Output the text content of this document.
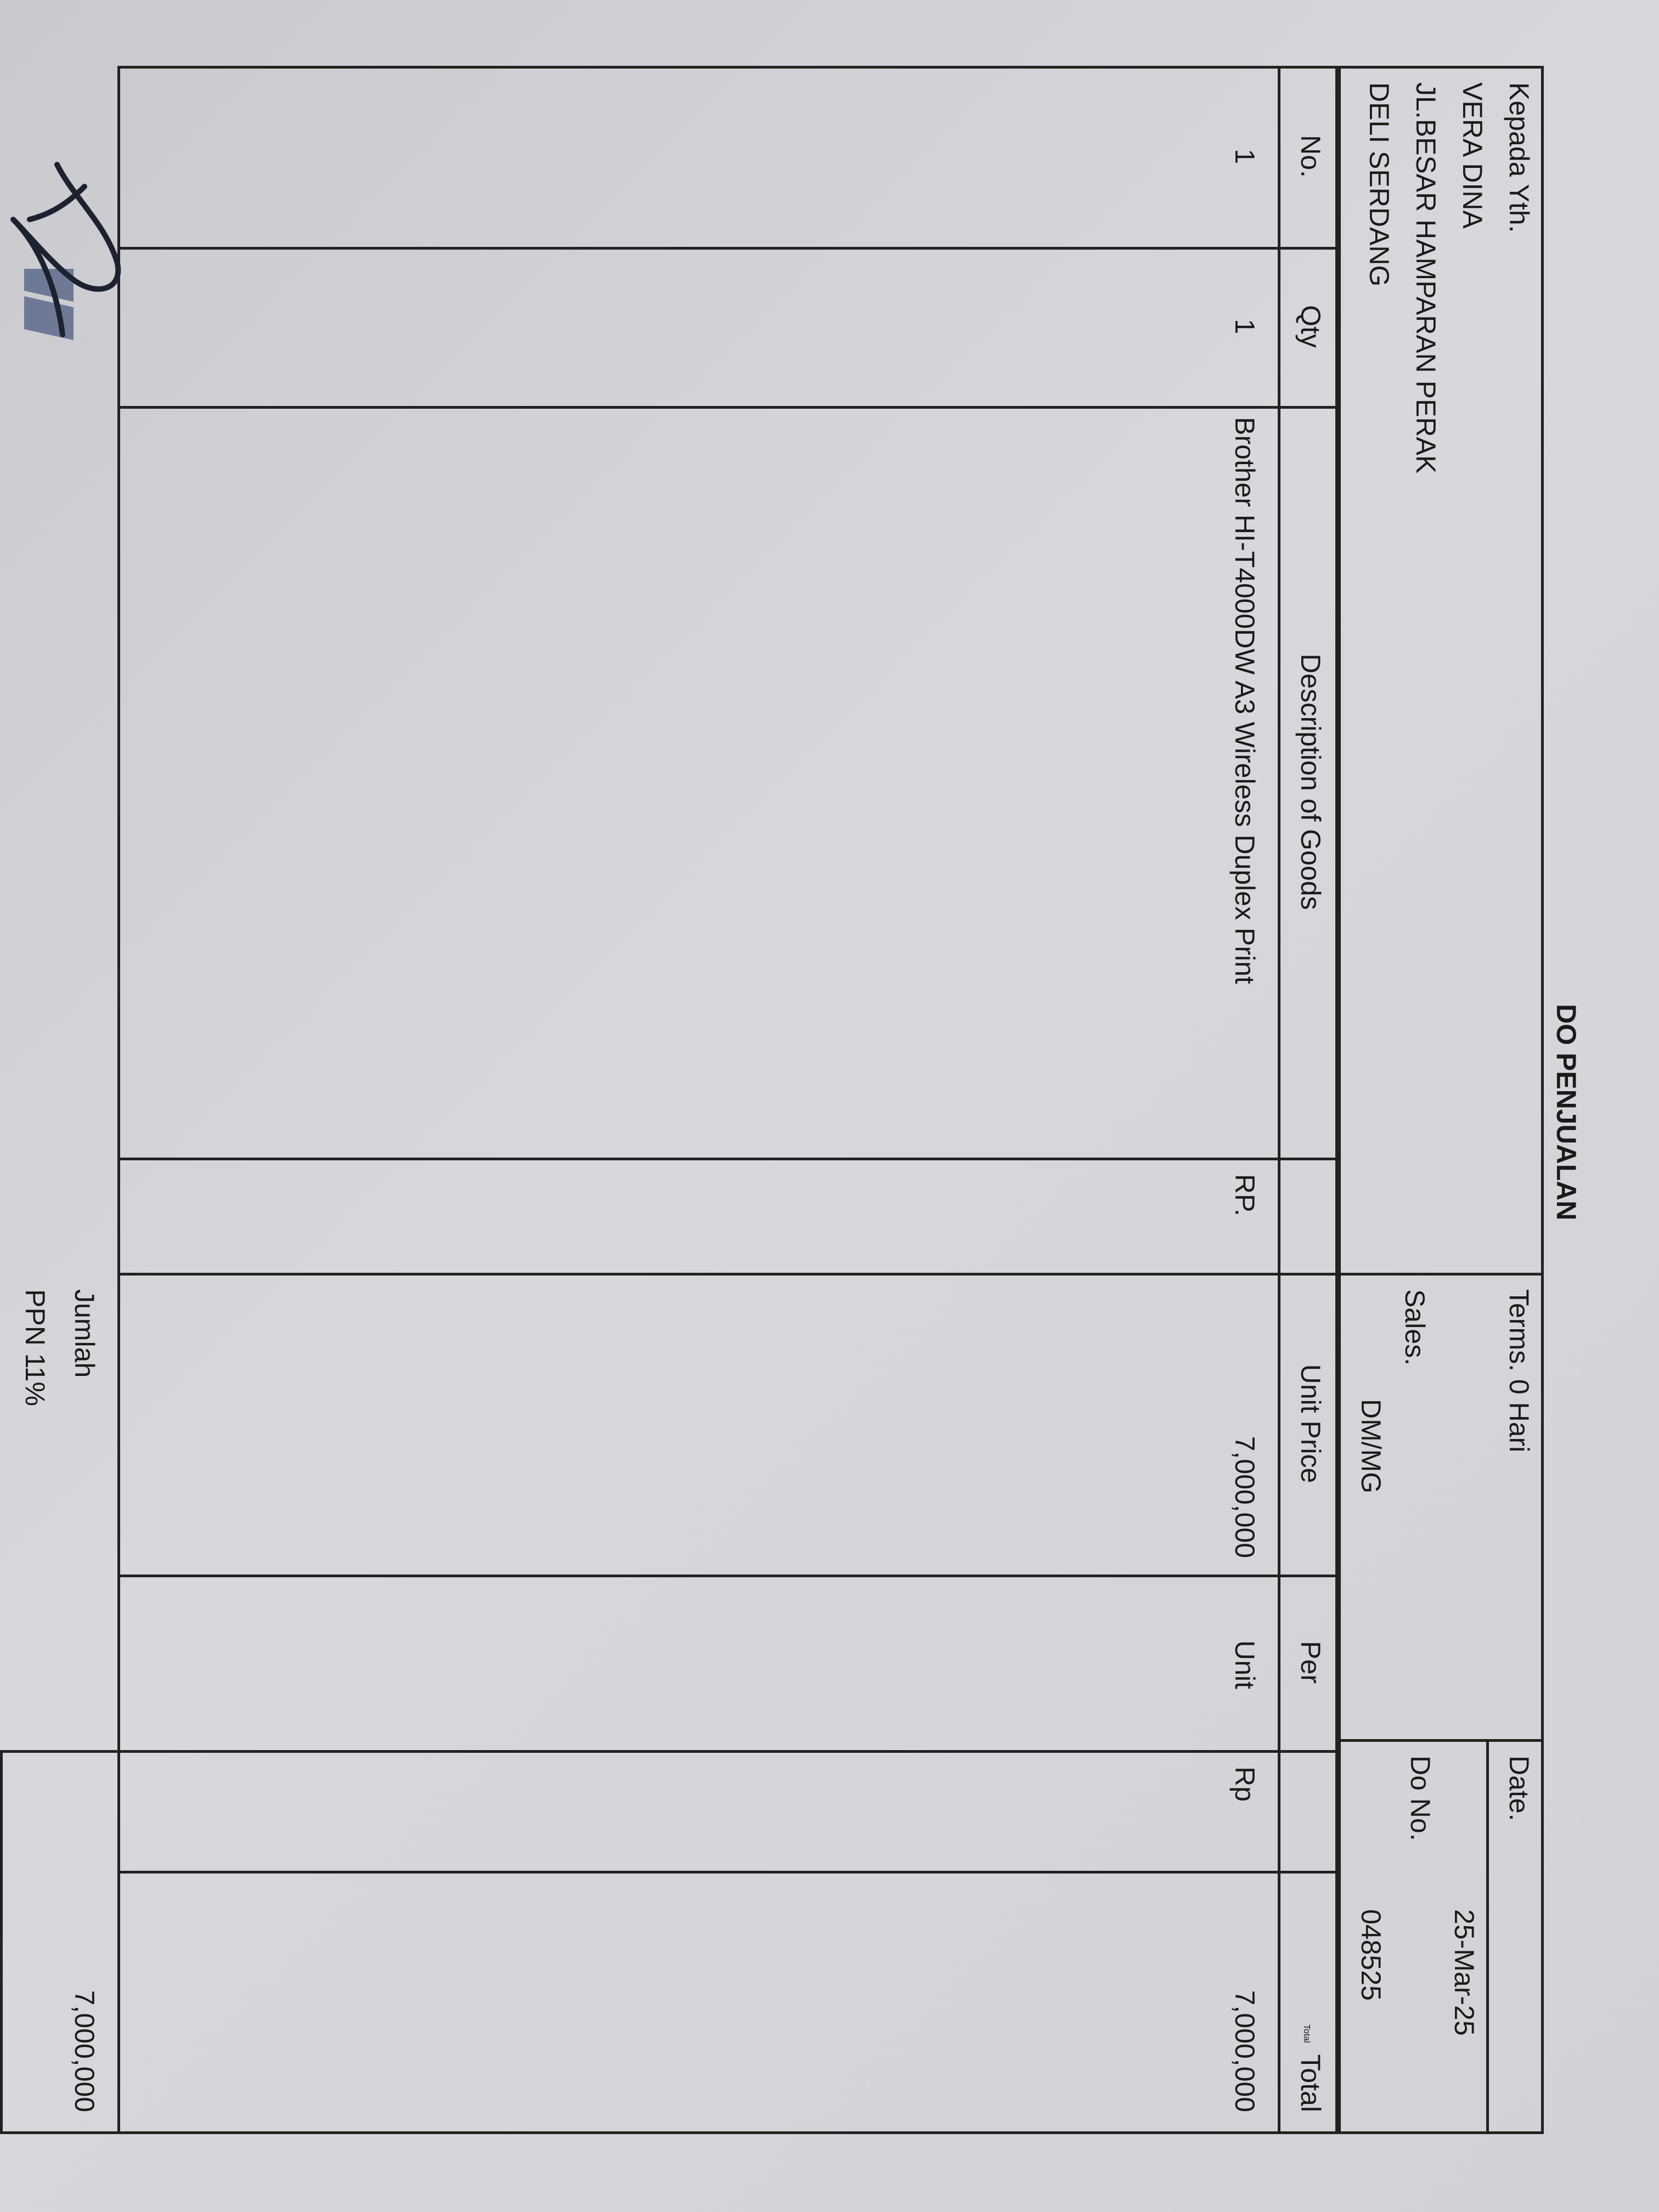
DO PENJUALAN
Kepada Yth.
VERA DINA
JL.BESAR HAMPARAN PERAK
DELI SERDANG
Terms. 0 Hari
Sales.
DM/MG
Date.
25-Mar-25
Do No.
048525
No.
Qty
Description of Goods
Unit Price
Per
Total
1
1
Brother HI-T4000DW A3 Wireless Duplex Print
RP.
7,000,000
Unit
Rp
7,000,000
Jumlah
7,000,000
PPN 11%
Total
